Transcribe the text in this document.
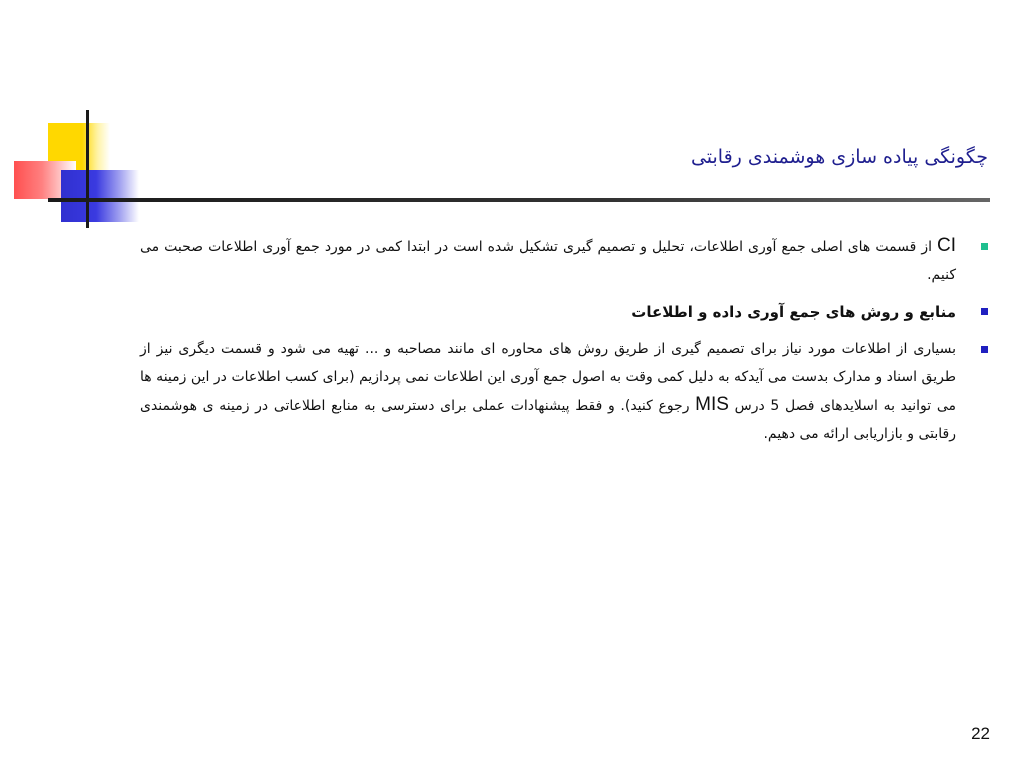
چگونگی پیاده سازی هوشمندی رقابتی
CI از قسمت های اصلی جمع آوری اطلاعات، تحلیل و تصمیم گیری تشکیل شده است در ابتدا کمی در مورد جمع آوری اطلاعات صحبت می کنیم.
منابع و روش های جمع آوری داده و اطلاعات
بسیاری از اطلاعات مورد نیاز برای تصمیم گیری از طریق روش های محاوره ای مانند مصاحبه و ... تهیه می شود و قسمت دیگری نیز از طریق اسناد و مدارک بدست می آیدکه به دلیل کمی وقت به اصول جمع آوری این اطلاعات نمی پردازیم (برای کسب اطلاعات در این زمینه ها می توانید به اسلایدهای فصل 5 درس MIS رجوع کنید). و فقط پیشنهادات عملی برای دسترسی به منابع اطلاعاتی در زمینه ی هوشمندی رقابتی و بازاریابی ارائه می دهیم.
22
